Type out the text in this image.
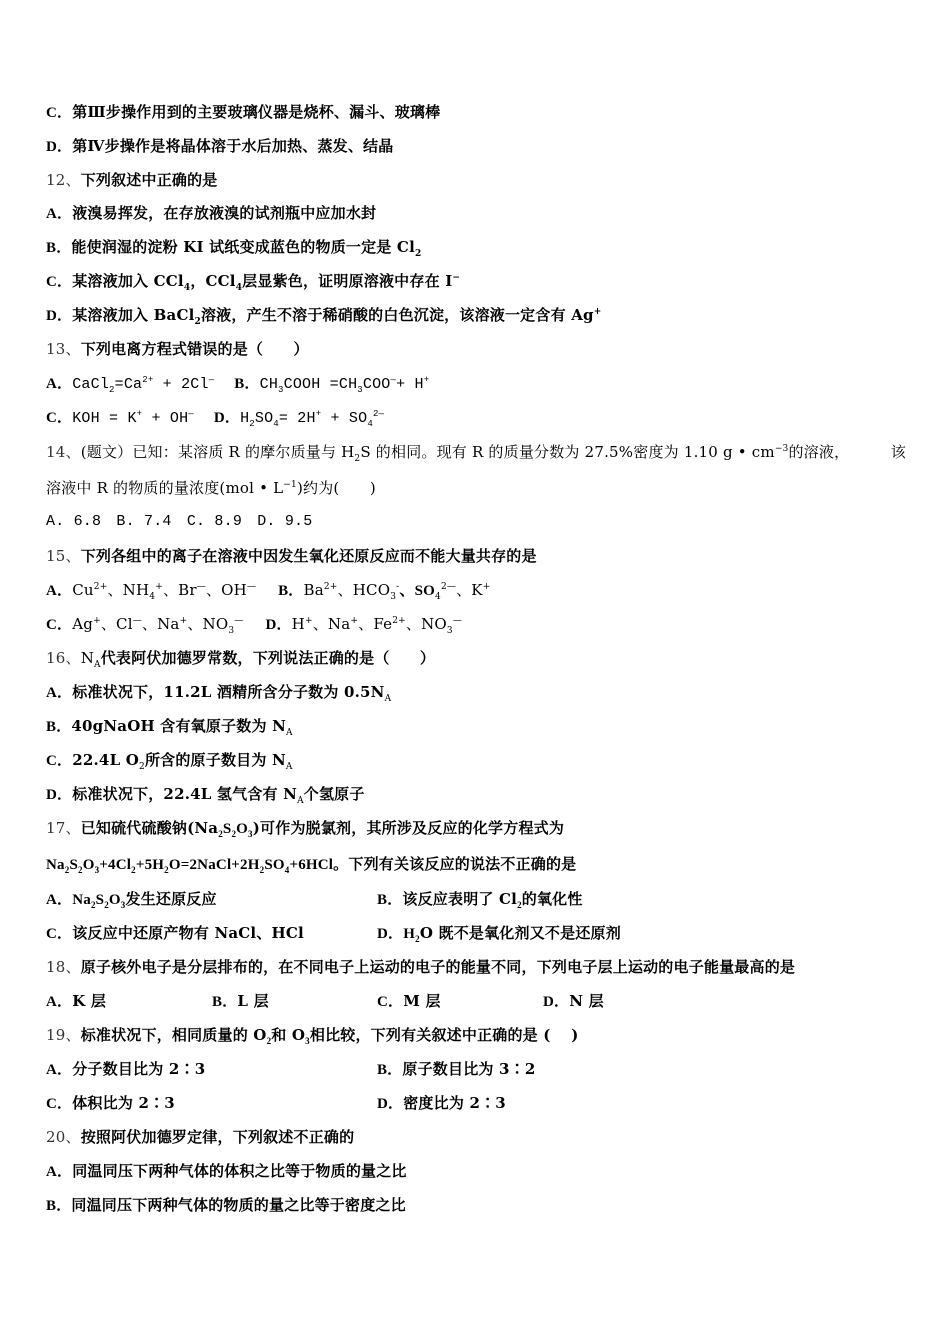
C．第Ⅲ步操作用到的主要玻璃仪器是烧杯、漏斗、玻璃棒
D．第Ⅳ步操作是将晶体溶于水后加热、蒸发、结晶
12、下列叙述中正确的是
A．液溴易挥发，在存放液溴的试剂瓶中应加水封
B．能使润湿的淀粉 KI 试纸变成蓝色的物质一定是 $Cl_2$
C．某溶液加入 CCl$_4$，CCl$_4$层显紫色，证明原溶液中存在 I−
D．某溶液加入 BaCl$_2$溶液，产生不溶于稀硝酸的白色沉淀，该溶液一定含有 Ag+
13、下列电离方程式错误的是（　　）
A．$CaCl_2=Ca^{2+} + 2Cl^—$ B．$CH_3COOH =CH_3COO^—+ H^+$
C．KOH = K+ + OH— D．$H_2SO_4= 2H^+ + SO_4^{2—}$
14、(题文）已知：某溶质 R 的摩尔质量与 $H_2S$ 的相同。现有 R 的质量分数为 27.5%密度为 1.10 g • $cm^{-3}$的溶液，	该
溶液中 R 的物质的量浓度(mol • $L^{-1}$)约为(　　)
A. 6.8　B. 7.4　C. 8.9　D. 9.5
15、下列各组中的离子在溶液中因发生氧化还原反应而不能大量共存的是
A．$Cu^{2+}$、$NH_4^+$、Br—、OH— B．$Ba^{2+}$、$HCO_3^-$、$SO_4^{2—}$、K+
C．Ag+、Cl—、Na+、$NO_3^—$ D．H+、Na+、$Fe^{2+}$、$NO_3^—$
16、$N_A$代表阿伏加德罗常数，下列说法正确的是（　　）
A．标准状况下，11.2L 酒精所含分子数为 $0.5N_A$
B．40gNaOH 含有氧原子数为 $N_A$
C．22.4L $O_2$所含的原子数目为 $N_A$
D．标准状况下，22.4L 氢气含有 $N_A$个氢原子
17、已知硫代硫酸钠$(Na_2S_2O_3)$可作为脱氯剂，其所涉及反应的化学方程式为
$Na_2S_2O_3+4Cl_2+5H_2O=2NaCl+2H_2SO_4+6HCl$。下列有关该反应的说法不正确的是
A．$Na_2S_2O_3$发生还原反应	B．该反应表明了 $Cl_2$的氧化性
C．该反应中还原产物有 NaCl、HCl	D．$H_2O$ 既不是氧化剂又不是还原剂
18、原子核外电子是分层排布的，在不同电子上运动的电子的能量不同，下列电子层上运动的电子能量最高的是
A．K 层	B．L 层	C．M 层	D．N 层
19、标准状况下，相同质量的 $O_2$和 $O_3$相比较，下列有关叙述中正确的是 (　 )
A．分子数目比为 2∶3	B．原子数目比为 3∶2
C．体积比为 2∶3	D．密度比为 2∶3
20、按照阿伏加德罗定律，下列叙述不正确的
A．同温同压下两种气体的体积之比等于物质的量之比
B．同温同压下两种气体的物质的量之比等于密度之比
